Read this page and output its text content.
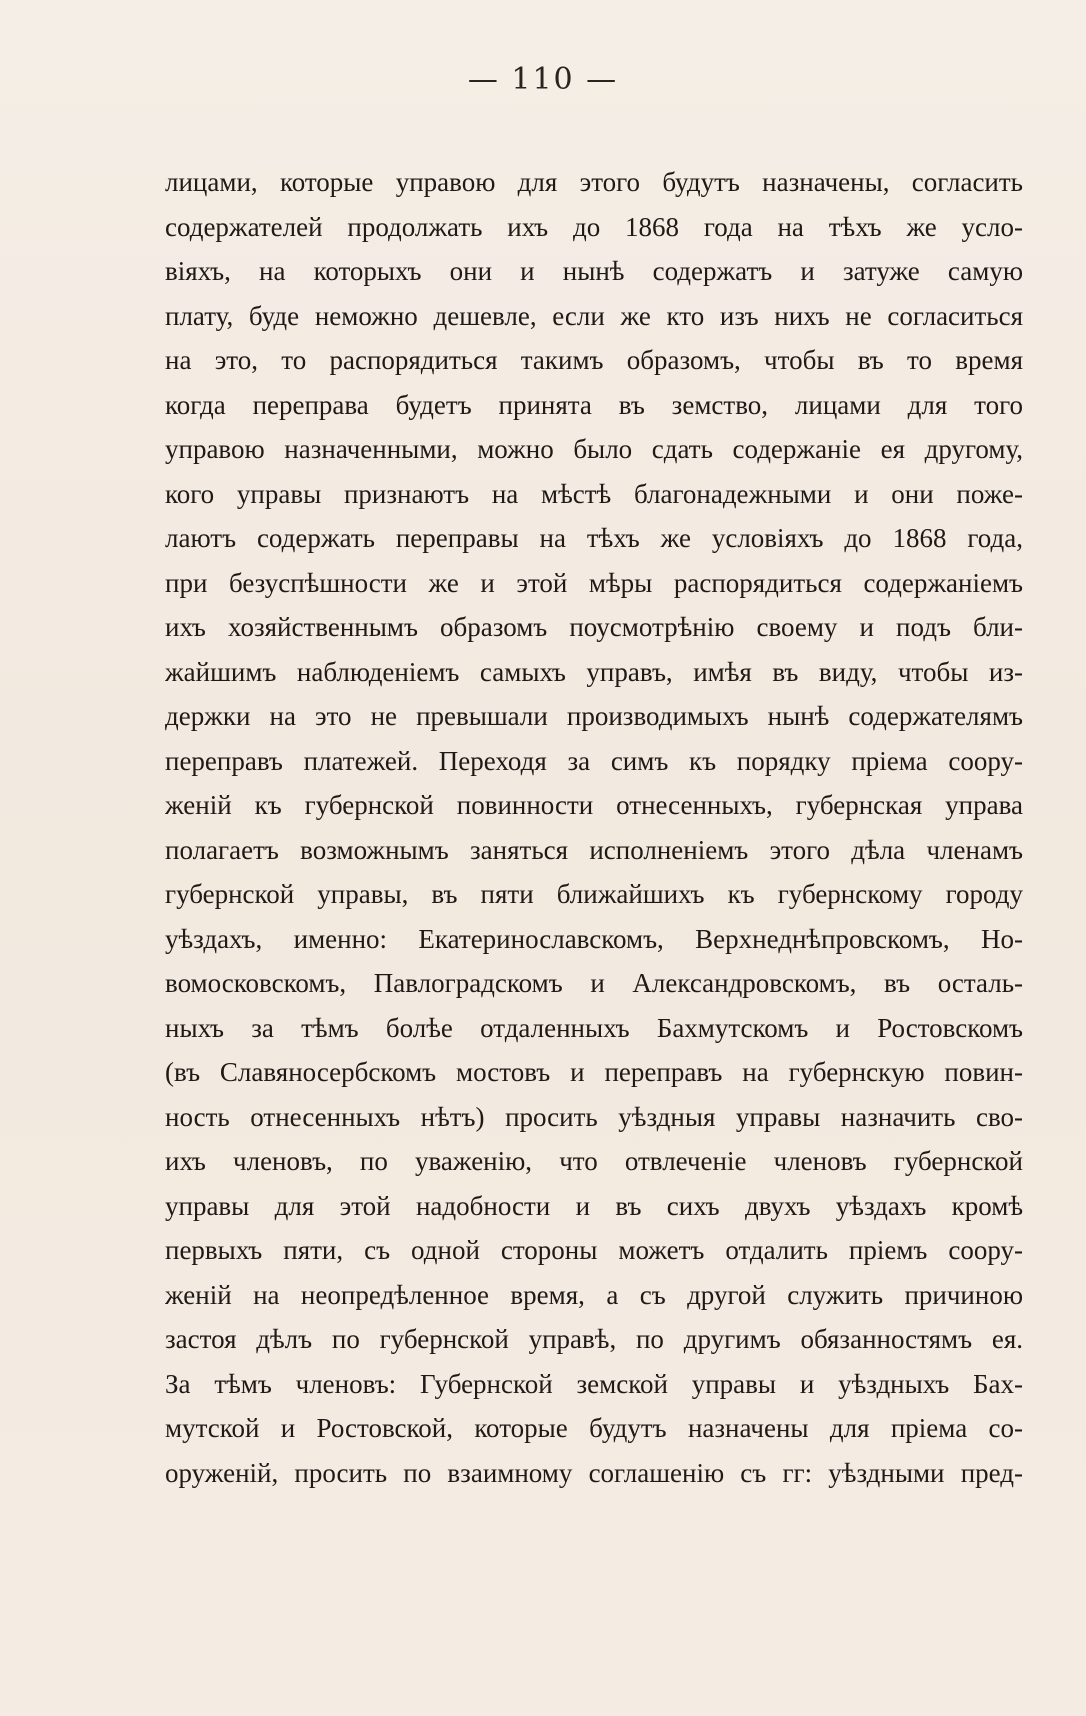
— 110 —
лицами, которые управою для этого будутъ назначены, согласить
содержателей продолжать ихъ до 1868 года на тѣхъ же усло-
віяхъ, на которыхъ они и нынѣ содержатъ и затуже самую
плату, буде неможно дешевле, если же кто изъ нихъ не согласиться
на это, то распорядиться такимъ образомъ, чтобы въ то время
когда переправа будетъ принята въ земство, лицами для того
управою назначенными, можно было сдать содержаніе ея другому,
кого управы признаютъ на мѣстѣ благонадежными и они поже-
лаютъ содержать переправы на тѣхъ же условіяхъ до 1868 года,
при безуспѣшности же и этой мѣры распорядиться содержаніемъ
ихъ хозяйственнымъ образомъ поусмотрѣнію своему и подъ бли-
жайшимъ наблюденіемъ самыхъ управъ, имѣя въ виду, чтобы из-
держки на это не превышали производимыхъ нынѣ содержателямъ
переправъ платежей. Переходя за симъ къ порядку пріема соору-
женій къ губернской повинности отнесенныхъ, губернская управа
полагаетъ возможнымъ заняться исполненіемъ этого дѣла членамъ
губернской управы, въ пяти ближайшихъ къ губернскому городу
уѣздахъ, именно: Екатеринославскомъ, Верхнеднѣпровскомъ, Но-
вомосковскомъ, Павлоградскомъ и Александровскомъ, въ осталь-
ныхъ за тѣмъ болѣе отдаленныхъ Бахмутскомъ и Ростовскомъ
(въ Славяносербскомъ мостовъ и переправъ на губернскую повин-
ность отнесенныхъ нѣтъ) просить уѣздныя управы назначить сво-
ихъ членовъ, по уваженію, что отвлеченіе членовъ губернской
управы для этой надобности и въ сихъ двухъ уѣздахъ кромѣ
первыхъ пяти, съ одной стороны можетъ отдалить пріемъ соору-
женій на неопредѣленное время, а съ другой служить причиною
застоя дѣлъ по губернской управѣ, по другимъ обязанностямъ ея.
За тѣмъ членовъ: Губернской земской управы и уѣздныхъ Бах-
мутской и Ростовской, которые будутъ назначены для пріема со-
оруженій, просить по взаимному соглашенію съ гг: уѣздными пред-
